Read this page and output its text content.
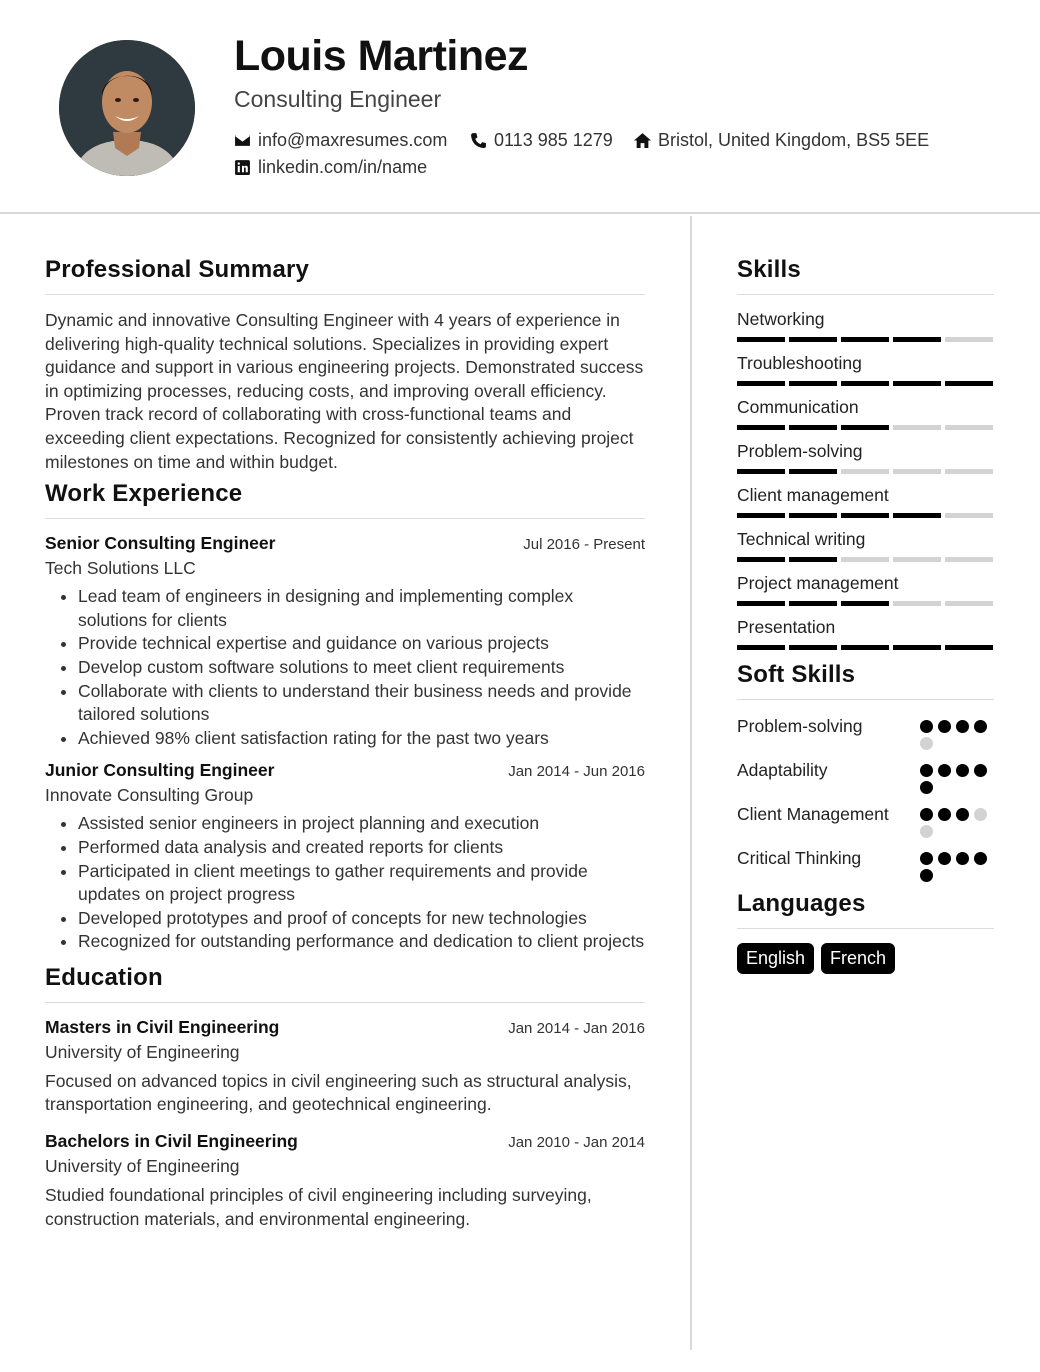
Louis Martinez
Consulting Engineer
info@maxresumes.com	0113 985 1279	Bristol, United Kingdom, BS5 5EE
linkedin.com/in/name
Professional Summary

Dynamic and innovative Consulting Engineer with 4 years of experience in delivering high-quality technical solutions. Specializes in providing expert guidance and support in various engineering projects. Demonstrated success in optimizing processes, reducing costs, and improving overall efficiency. Proven track record of collaborating with cross-functional teams and exceeding client expectations. Recognized for consistently achieving project milestones on time and within budget.

Work Experience
Senior Consulting Engineer	Jul 2016 - Present
Tech Solutions LLC
• Lead team of engineers in designing and implementing complex solutions for clients
• Provide technical expertise and guidance on various projects
• Develop custom software solutions to meet client requirements
• Collaborate with clients to understand their business needs and provide tailored solutions
• Achieved 98% client satisfaction rating for the past two years
Junior Consulting Engineer	Jan 2014 - Jun 2016
Innovate Consulting Group
• Assisted senior engineers in project planning and execution
• Performed data analysis and created reports for clients
• Participated in client meetings to gather requirements and provide updates on project progress
• Developed prototypes and proof of concepts for new technologies
• Recognized for outstanding performance and dedication to client projects
Education
Masters in Civil Engineering	Jan 2014 - Jan 2016
University of Engineering

Focused on advanced topics in civil engineering such as structural analysis, transportation engineering, and geotechnical engineering.

Bachelors in Civil Engineering	Jan 2010 - Jan 2014
University of Engineering

Studied foundational principles of civil engineering including surveying, construction materials, and environmental engineering.

Skills
Networking
Troubleshooting
Communication
Problem-solving
Client management
Technical writing
Project management
Presentation
Soft Skills
Problem-solving
Adaptability
Client Management
Critical Thinking
Languages
English	French
